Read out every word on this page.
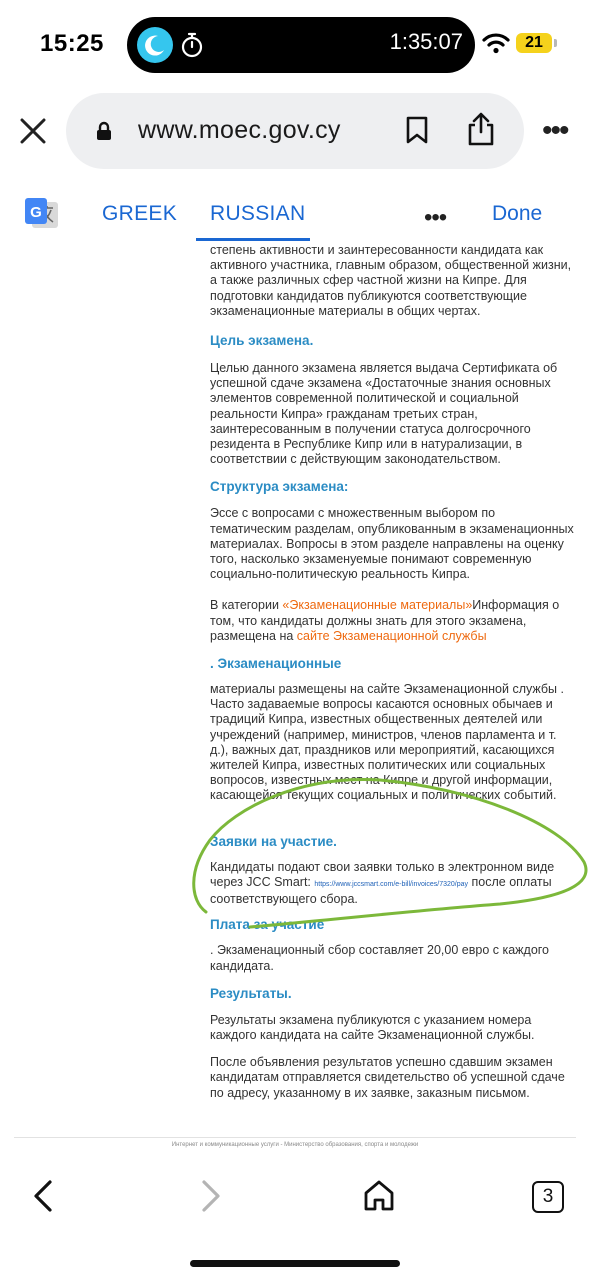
15:25	1:35:07	21
www.moec.gov.cy	•••
G	GREEK RUSSIAN	••• Done

степень активности и заинтересованности кандидата как

активного участника, главным образом, общественной жизни, а также различных сфер частной жизни на Кипре. Для подготовки кандидатов публикуются соответствующие экзаменационные материалы в общих чертах.

Цель экзамена.

Целью данного экзамена является выдача Сертификата об успешной сдаче экзамена «Достаточные знания основных элементов современной политической и социальной реальности Кипра» гражданам третьих стран, заинтересованным в получении статуса долгосрочного резидента в Республике Кипр или в натурализации, в соответствии с действующим законодательством.

Структура экзамена:

Эссе с вопросами с множественным выбором по тематическим разделам, опубликованным в экзаменационных материалах. Вопросы в этом разделе направлены на оценку того, насколько экзаменуемые понимают современную социально-политическую реальность Кипра.

В категории «Экзаменационные материалы»Информация о том, что кандидаты должны знать для этого экзамена, размещена на сайте Экзаменационной службы

. Экзаменационные

материалы размещены на сайте Экзаменационной службы . Часто задаваемые вопросы касаются основных обычаев и традиций Кипра, известных общественных деятелей или учреждений (например, министров, членов парламента и т. д.), важных дат, праздников или мероприятий, касающихся жителей Кипра, известных политических или социальных вопросов, известных мест на Кипре и другой информации, касающейся текущих социальных и политических событий.

Заявки на участие.

Кандидаты подают свои заявки только в электронном виде через JCC Smart: https://www.jccsmart.com/e-bill/invoices/7320/pay после оплаты соответствующего сбора.

Плата за участие

. Экзаменационный сбор составляет 20,00 евро с каждого кандидата.

Результаты.

Результаты экзамена публикуются с указанием номера каждого кандидата на сайте Экзаменационной службы.

После объявления результатов успешно сдавшим экзамен кандидатам отправляется свидетельство об успешной сдаче по адресу, указанному в их заявке, заказным письмом.

Интернет и коммуникационные услуги - Министерство образования, спорта и молодежи
3
